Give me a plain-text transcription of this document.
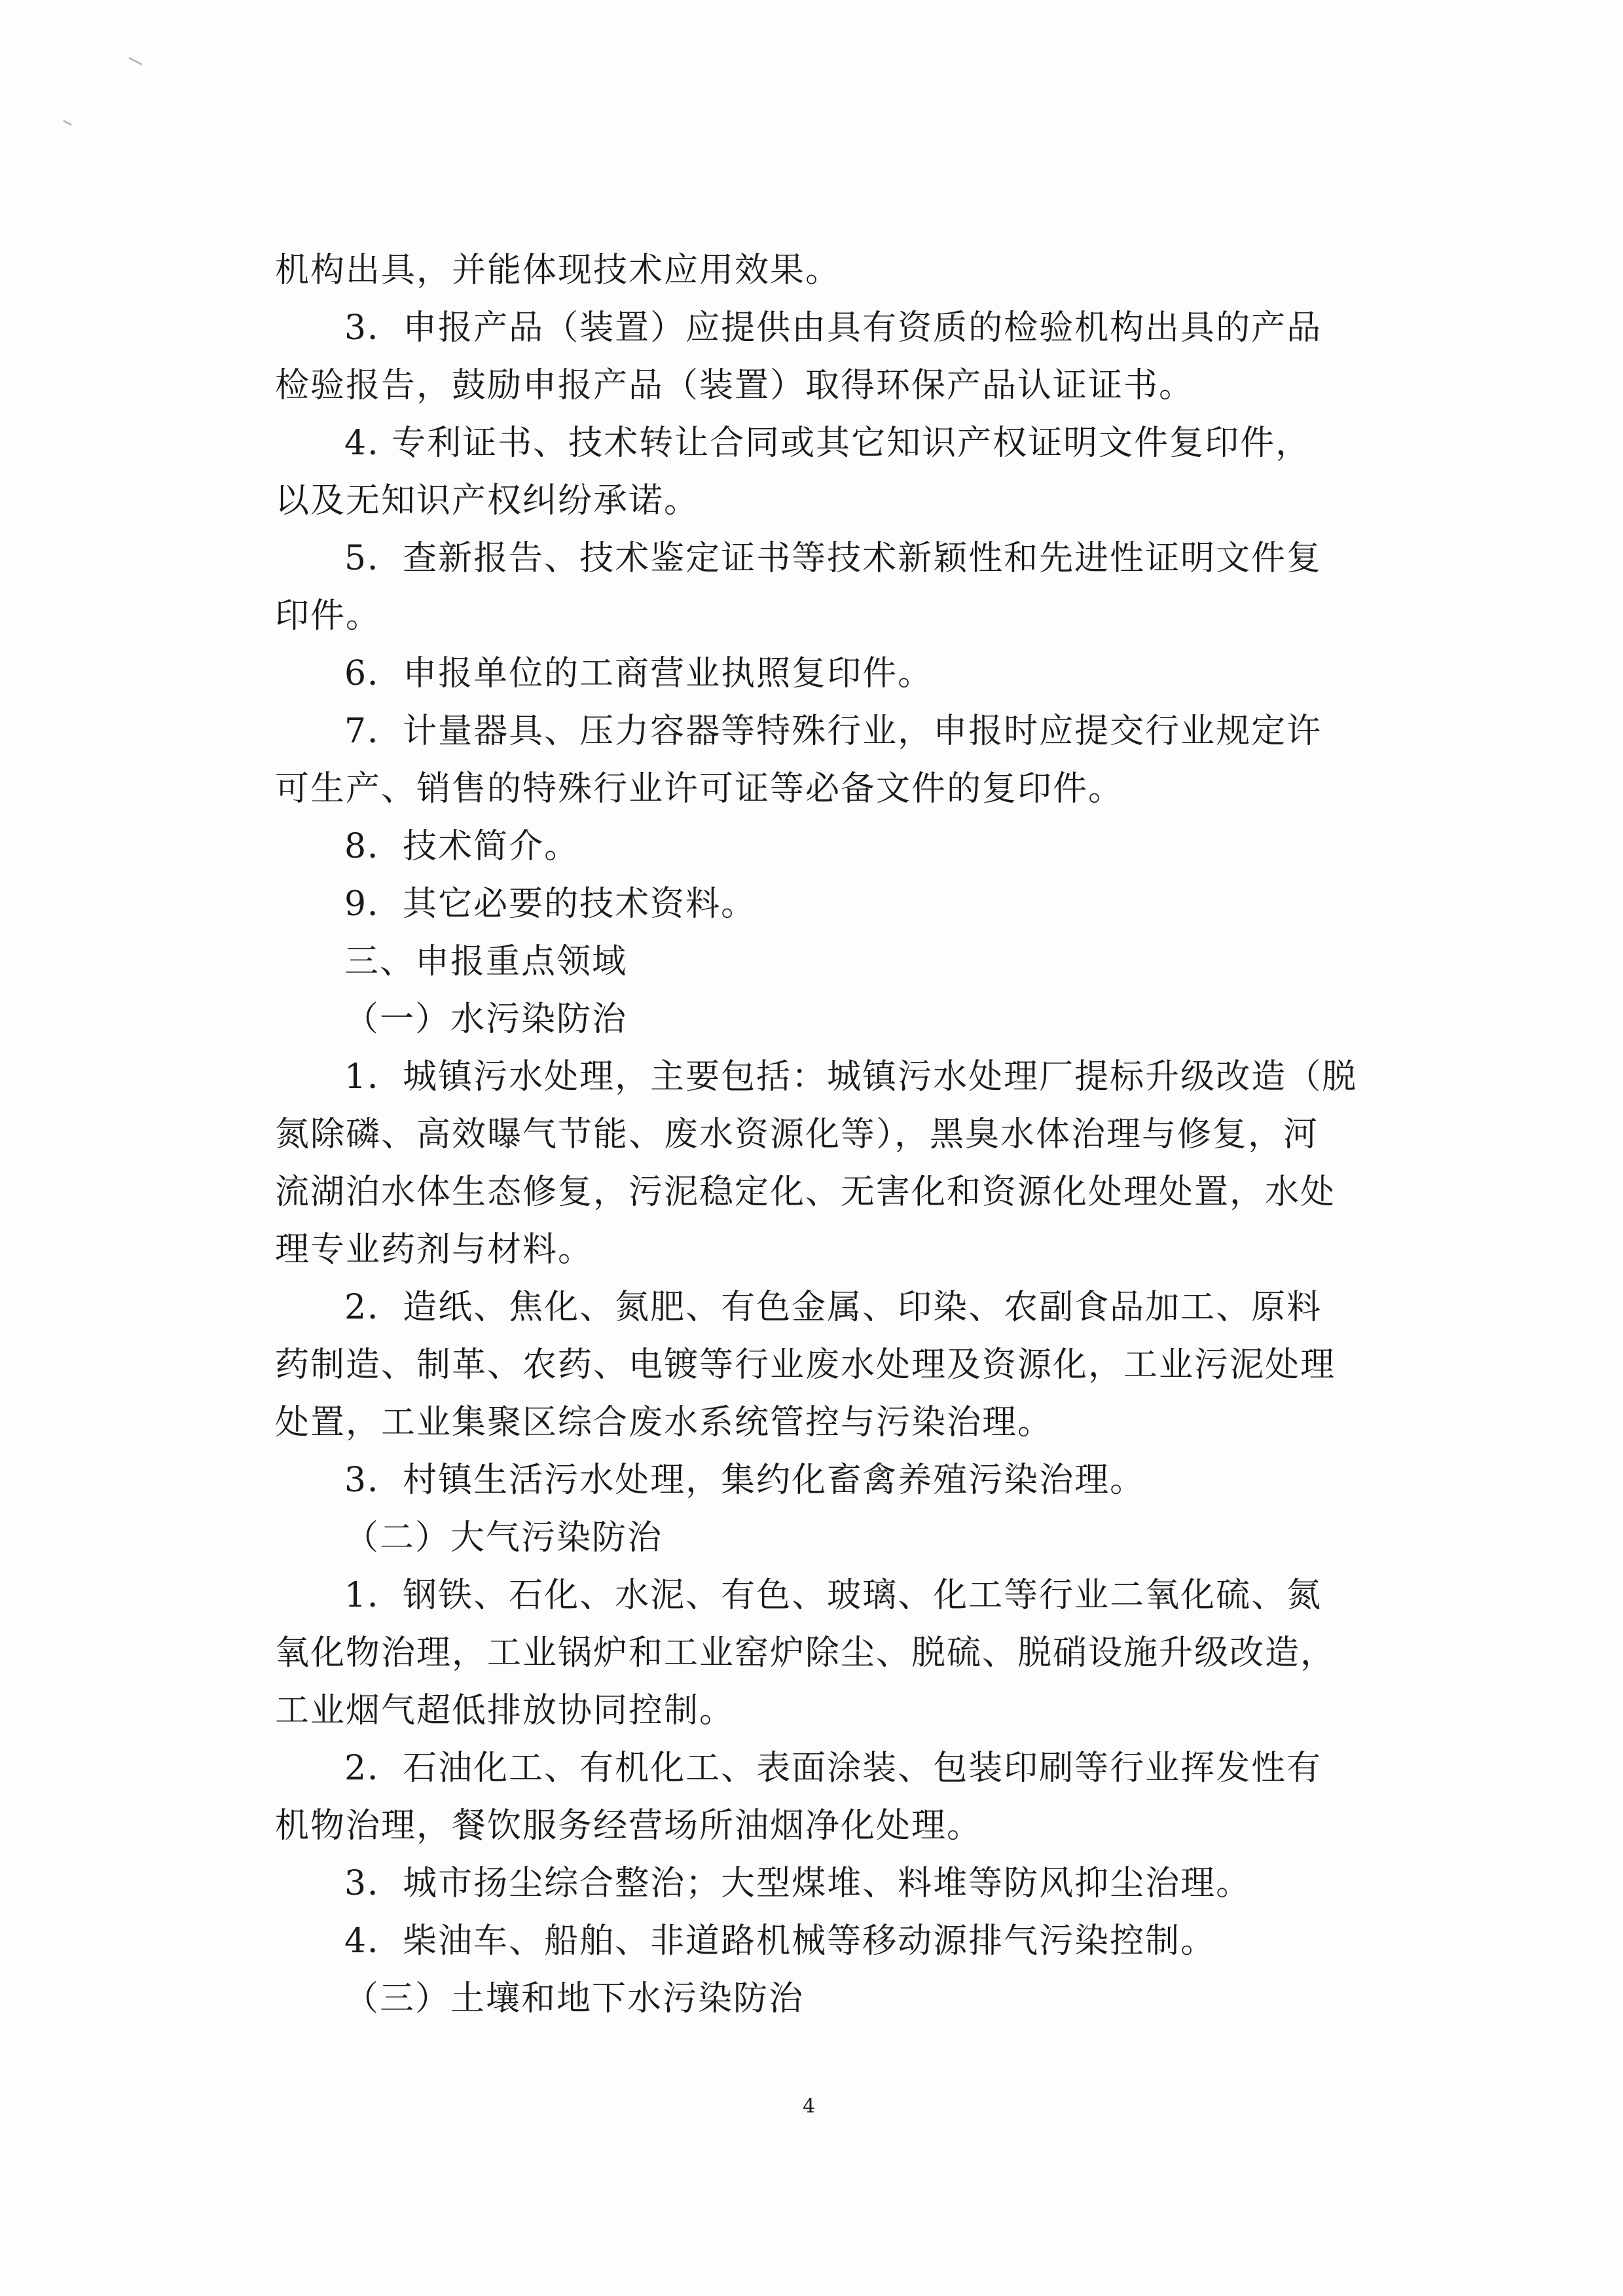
机构出具，并能体现技术应用效果。
3．申报产品（装置）应提供由具有资质的检验机构出具的产品
检验报告，鼓励申报产品（装置）取得环保产品认证证书。
4. 专利证书、技术转让合同或其它知识产权证明文件复印件，
以及无知识产权纠纷承诺。
5．查新报告、技术鉴定证书等技术新颖性和先进性证明文件复
印件。
6．申报单位的工商营业执照复印件。
7．计量器具、压力容器等特殊行业，申报时应提交行业规定许
可生产、销售的特殊行业许可证等必备文件的复印件。
8．技术简介。
9．其它必要的技术资料。
三、申报重点领域
（一）水污染防治
1．城镇污水处理，主要包括：城镇污水处理厂提标升级改造（脱
氮除磷、高效曝气节能、废水资源化等），黑臭水体治理与修复，河
流湖泊水体生态修复，污泥稳定化、无害化和资源化处理处置，水处
理专业药剂与材料。
2．造纸、焦化、氮肥、有色金属、印染、农副食品加工、原料
药制造、制革、农药、电镀等行业废水处理及资源化，工业污泥处理
处置，工业集聚区综合废水系统管控与污染治理。
3．村镇生活污水处理，集约化畜禽养殖污染治理。
（二）大气污染防治
1．钢铁、石化、水泥、有色、玻璃、化工等行业二氧化硫、氮
氧化物治理，工业锅炉和工业窑炉除尘、脱硫、脱硝设施升级改造，
工业烟气超低排放协同控制。
2．石油化工、有机化工、表面涂装、包装印刷等行业挥发性有
机物治理，餐饮服务经营场所油烟净化处理。
3．城市扬尘综合整治；大型煤堆、料堆等防风抑尘治理。
4．柴油车、船舶、非道路机械等移动源排气污染控制。
（三）土壤和地下水污染防治
4
